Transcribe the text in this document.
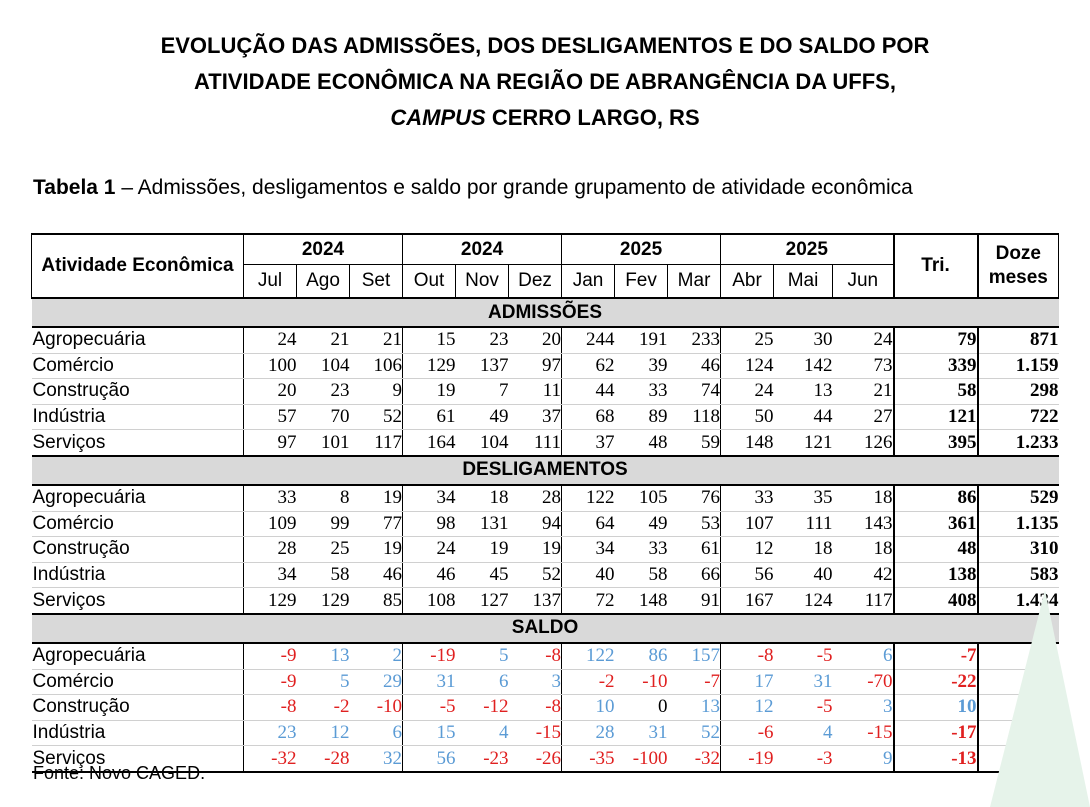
EVOLUÇÃO DAS ADMISSÕES, DOS DESLIGAMENTOS E DO SALDO POR
ATIVIDADE ECONÔMICA NA REGIÃO DE ABRANGÊNCIA DA UFFS,
CAMPUS CERRO LARGO, RS
Tabela 1 – Admissões, desligamentos e saldo por grande grupamento de atividade econômica
Atividade Econômica	2024			2024			2025			2025			Tri.	Doze meses
	Jul	Ago	Set	Out	Nov	Dez	Jan	Fev	Mar	Abr	Mai	Jun		
ADMISSÕES														
Agropecuária	24	21	21	15	23	20	244	191	233	25	30	24	79	871
Comércio	100	104	106	129	137	97	62	39	46	124	142	73	339	1.159
Construção	20	23	9	19	7	11	44	33	74	24	13	21	58	298
Indústria	57	70	52	61	49	37	68	89	118	50	44	27	121	722
Serviços	97	101	117	164	104	111	37	48	59	148	121	126	395	1.233
DESLIGAMENTOS														
Agropecuária	33	8	19	34	18	28	122	105	76	33	35	18	86	529
Comércio	109	99	77	98	131	94	64	49	53	107	111	143	361	1.135
Construção	28	25	19	24	19	19	34	33	61	12	18	18	48	310
Indústria	34	58	46	46	45	52	40	58	66	56	40	42	138	583
Serviços	129	129	85	108	127	137	72	148	91	167	124	117	408	1.434
SALDO														
Agropecuária	-9	13	2	-19	5	-8	122	86	157	-8	-5	6	-7	
Comércio	-9	5	29	31	6	3	-2	-10	-7	17	31	-70	-22	
Construção	-8	-2	-10	-5	-12	-8	10	0	13	12	-5	3	10	
Indústria	23	12	6	15	4	-15	28	31	52	-6	4	-15	-17	
Serviços	-32	-28	32	56	-23	-26	-35	-100	-32	-19	-3	9	-13	
Fonte: Novo CAGED.
